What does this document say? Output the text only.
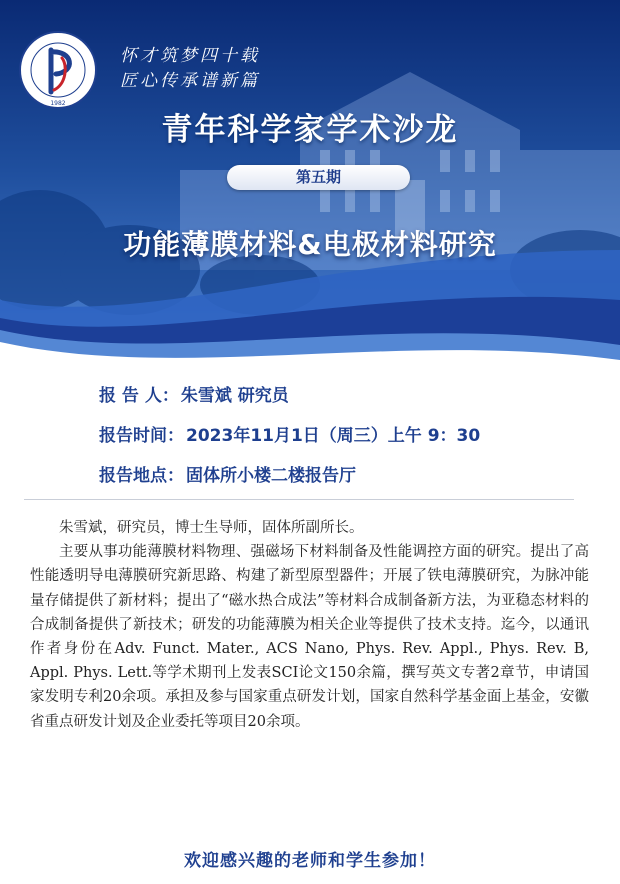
1982
怀才筑梦四十载
匠心传承谱新篇
青年科学家学术沙龙
第五期
功能薄膜材料&电极材料研究
报 告 人： 朱雪斌 研究员
报告时间： 2023年11月1日（周三）上午 9：30
报告地点： 固体所小楼二楼报告厅

朱雪斌，研究员，博士生导师，固体所副所长。

主要从事功能薄膜材料物理、强磁场下材料制备及性能调控方面的研究。提出了高性能透明导电薄膜研究新思路、构建了新型原型器件；开展了铁电薄膜研究，为脉冲能量存储提供了新材料；提出了“磁水热合成法”等材料合成制备新方法，为亚稳态材料的合成制备提供了新技术；研发的功能薄膜为相关企业等提供了技术支持。迄今，以通讯作者身份在Adv. Funct. Mater., ACS Nano, Phys. Rev. Appl., Phys. Rev. B, Appl. Phys. Lett.等学术期刊上发表SCI论文150余篇，撰写英文专著2章节，申请国家发明专利20余项。承担及参与国家重点研发计划，国家自然科学基金面上基金，安徽省重点研发计划及企业委托等项目20余项。

欢迎感兴趣的老师和学生参加！
